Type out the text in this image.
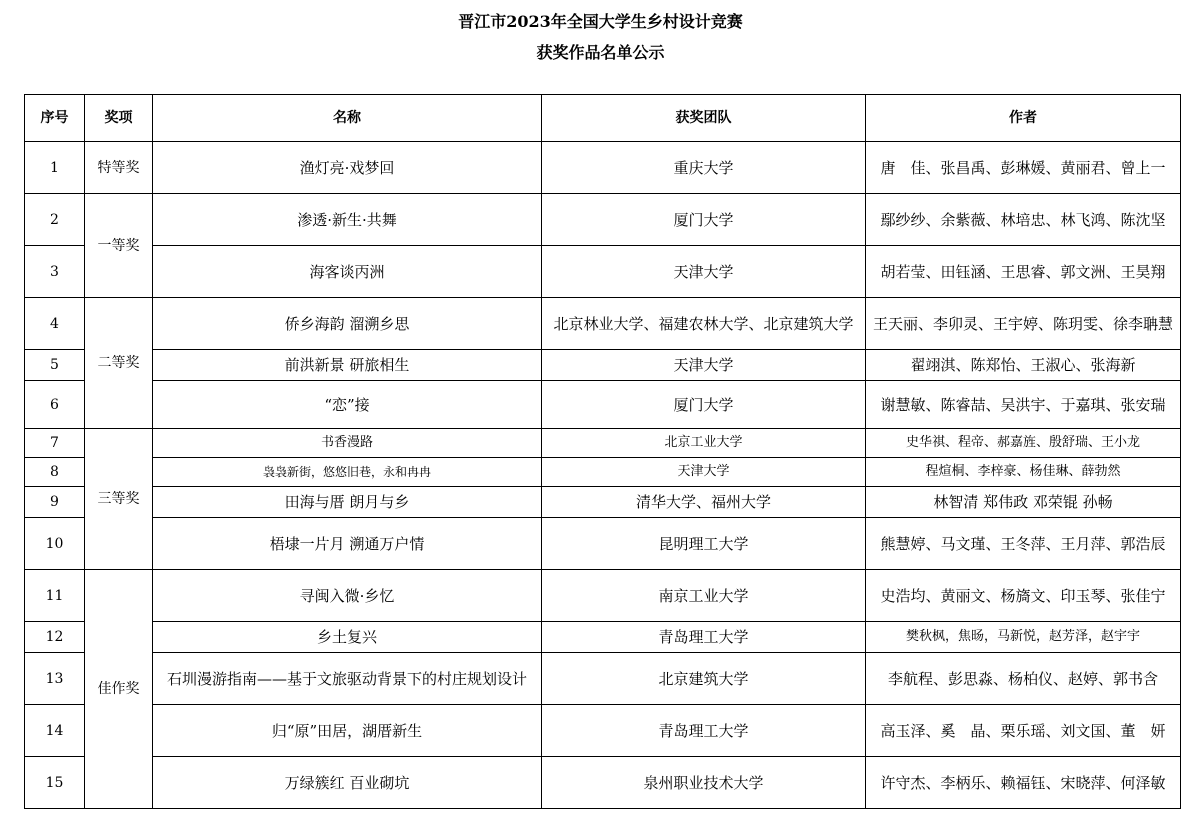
晋江市2023年全国大学生乡村设计竞赛
获奖作品名单公示
序号	奖项	名称	获奖团队	作者
1	特等奖	渔灯亮·戏梦回	重庆大学	唐　佳、张昌禹、彭琳媛、黄丽君、曾上一
2	一等奖	渗透·新生·共舞	厦门大学	鄢纱纱、余紫薇、林培忠、林飞鸿、陈沈坚
3		海客谈丙洲	天津大学	胡若莹、田钰涵、王思睿、郭文洲、王昊翔
4	二等奖	侨乡海韵 溜溯乡思	北京林业大学、福建农林大学、北京建筑大学	王天丽、李卯灵、王宇婷、陈玥雯、徐李聃慧
5		前洪新景 研旅相生	天津大学	翟翊淇、陈郑怡、王淑心、张海新
6		“恋”接	厦门大学	谢慧敏、陈睿喆、吴洪宇、于嘉琪、张安瑞
7	三等奖	书香漫路	北京工业大学	史华祺、程帝、郝嘉旌、殷舒瑞、王小龙
8		袅袅新街，悠悠旧巷，永和冉冉	天津大学	程煊桐、李梓豪、杨佳琳、薛勃然
9		田海与厝 朗月与乡	清华大学、福州大学	林智清 郑伟政 邓荣锟 孙畅
10		梧埭一片月 溯通万户情	昆明理工大学	熊慧婷、马文瑾、王冬萍、王月萍、郭浩辰
11	佳作奖	寻闽入微·乡忆	南京工业大学	史浩均、黄丽文、杨旖文、印玉琴、张佳宁
12		乡土复兴	青岛理工大学	樊秋枫，焦旸，马新悦，赵芳泽，赵宇宇
13		石圳漫游指南——基于文旅驱动背景下的村庄规划设计	北京建筑大学	李航程、彭思淼、杨柏仪、赵婷、郭书含
14		归“原”田居，湖厝新生	青岛理工大学	高玉泽、奚　晶、栗乐瑶、刘文国、董　妍
15		万绿簇红 百业砌坑	泉州职业技术大学	许守杰、李柄乐、赖福钰、宋晓萍、何泽敏
